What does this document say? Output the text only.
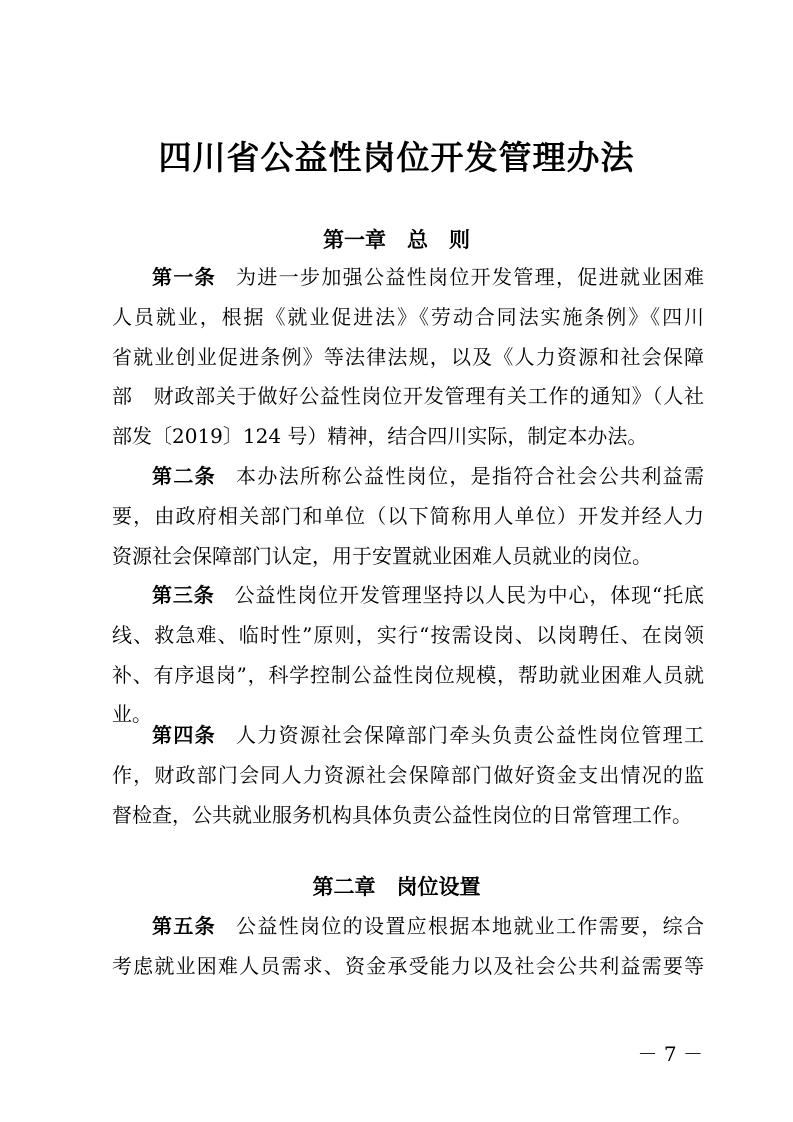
四川省公益性岗位开发管理办法
第一章　总　则
第一条 为进一步加强公益性岗位开发管理，促进就业困难
人员就业，根据《就业促进法》《劳动合同法实施条例》《四川
省就业创业促进条例》等法律法规，以及《人力资源和社会保障
部　财政部关于做好公益性岗位开发管理有关工作的通知》（人社
部发〔2019〕124 号）精神，结合四川实际，制定本办法。
第二条 本办法所称公益性岗位，是指符合社会公共利益需
要，由政府相关部门和单位（以下简称用人单位）开发并经人力
资源社会保障部门认定，用于安置就业困难人员就业的岗位。
第三条 公益性岗位开发管理坚持以人民为中心，体现“托底
线、救急难、临时性”原则，实行“按需设岗、以岗聘任、在岗领
补、有序退岗”，科学控制公益性岗位规模，帮助就业困难人员就
业。
第四条 人力资源社会保障部门牵头负责公益性岗位管理工
作，财政部门会同人力资源社会保障部门做好资金支出情况的监
督检查，公共就业服务机构具体负责公益性岗位的日常管理工作。
第二章　岗位设置
第五条 公益性岗位的设置应根据本地就业工作需要，综合
考虑就业困难人员需求、资金承受能力以及社会公共利益需要等
－ 7 －
